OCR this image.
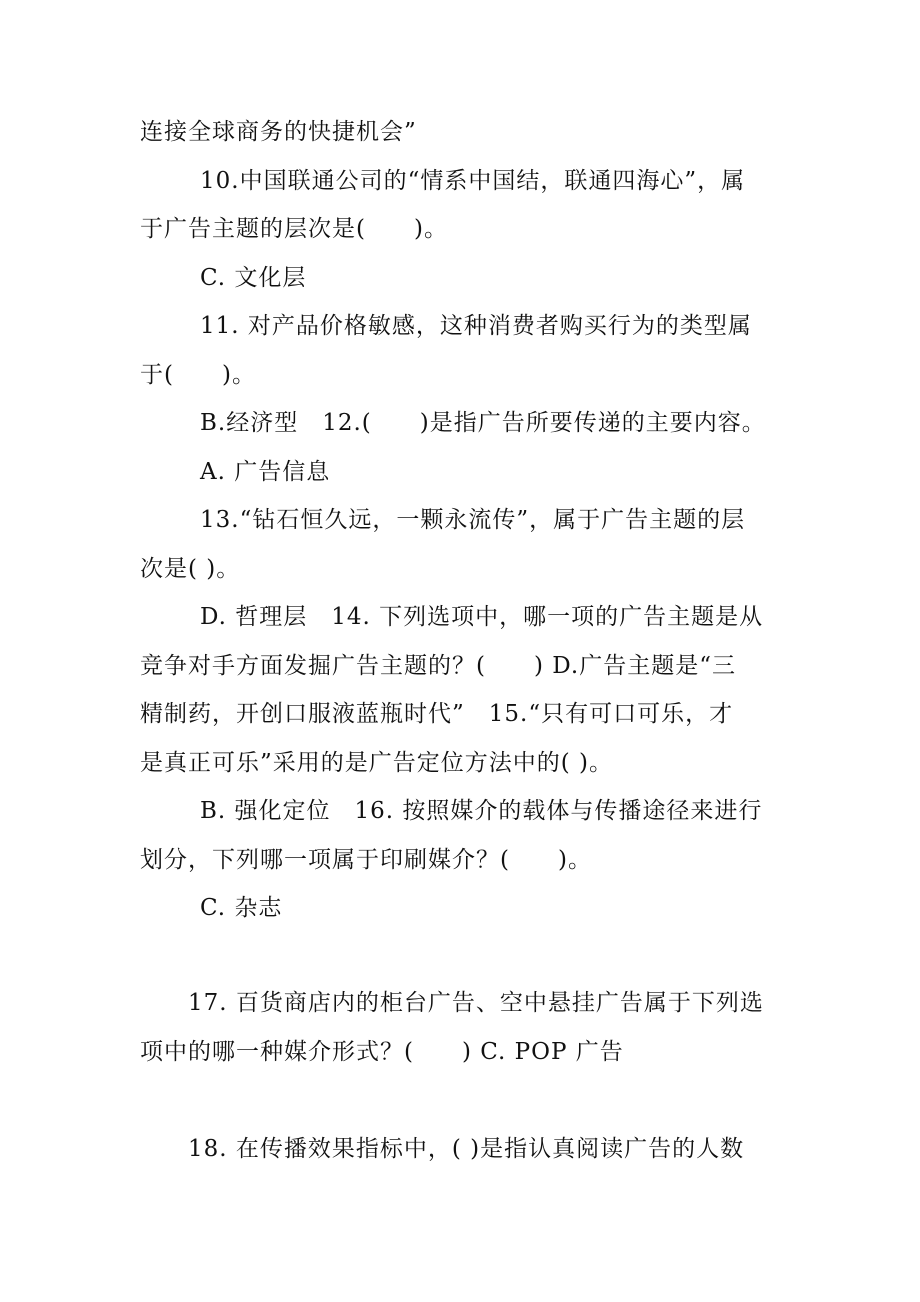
连接全球商务的快捷机会”
10.中国联通公司的“情系中国结，联通四海心”，属
于广告主题的层次是(　　)。
C. 文化层
11. 对产品价格敏感，这种消费者购买行为的类型属
于(　　)。
B.经济型　12.(　　)是指广告所要传递的主要内容。
A. 广告信息
13.“钻石恒久远，一颗永流传”，属于广告主题的层
次是( )。
D. 哲理层　14. 下列选项中，哪一项的广告主题是从
竞争对手方面发掘广告主题的？(　　) D.广告主题是“三
精制药，开创口服液蓝瓶时代”　15.“只有可口可乐，才
是真正可乐”采用的是广告定位方法中的( )。
B. 强化定位　16. 按照媒介的载体与传播途径来进行
划分，下列哪一项属于印刷媒介？(　　)。
C. 杂志
17. 百货商店内的柜台广告、空中悬挂广告属于下列选
项中的哪一种媒介形式？(　　) C. POP 广告
18. 在传播效果指标中，( )是指认真阅读广告的人数
